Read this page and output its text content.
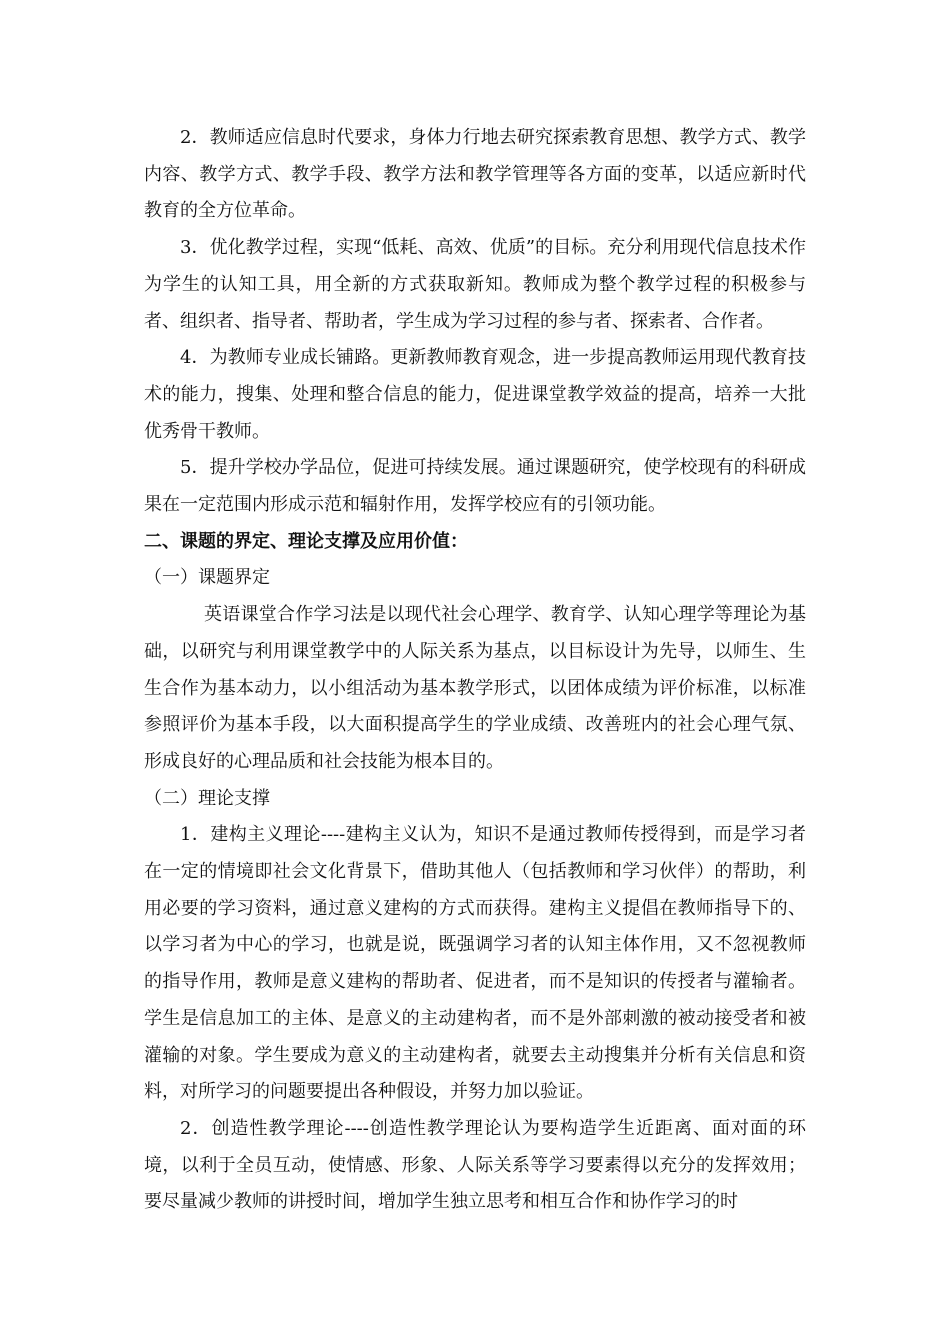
2．教师适应信息时代要求，身体力行地去研究探索教育思想、教学方式、教学内容、教学方式、教学手段、教学方法和教学管理等各方面的变革，以适应新时代教育的全方位革命。

3．优化教学过程，实现“低耗、高效、优质”的目标。充分利用现代信息技术作为学生的认知工具，用全新的方式获取新知。教师成为整个教学过程的积极参与者、组织者、指导者、帮助者，学生成为学习过程的参与者、探索者、合作者。

4．为教师专业成长铺路。更新教师教育观念，进一步提高教师运用现代教育技术的能力，搜集、处理和整合信息的能力，促进课堂教学效益的提高，培养一大批优秀骨干教师。

5．提升学校办学品位，促进可持续发展。通过课题研究，使学校现有的科研成果在一定范围内形成示范和辐射作用，发挥学校应有的引领功能。

二、课题的界定、理论支撑及应用价值：

（一）课题界定

英语课堂合作学习法是以现代社会心理学、教育学、认知心理学等理论为基础，以研究与利用课堂教学中的人际关系为基点，以目标设计为先导，以师生、生生合作为基本动力，以小组活动为基本教学形式，以团体成绩为评价标准，以标准参照评价为基本手段，以大面积提高学生的学业成绩、改善班内的社会心理气氛、形成良好的心理品质和社会技能为根本目的。

（二）理论支撑

1．建构主义理论----建构主义认为，知识不是通过教师传授得到，而是学习者在一定的情境即社会文化背景下，借助其他人（包括教师和学习伙伴）的帮助，利用必要的学习资料，通过意义建构的方式而获得。建构主义提倡在教师指导下的、以学习者为中心的学习，也就是说，既强调学习者的认知主体作用，又不忽视教师的指导作用，教师是意义建构的帮助者、促进者，而不是知识的传授者与灌输者。学生是信息加工的主体、是意义的主动建构者，而不是外部刺激的被动接受者和被灌输的对象。学生要成为意义的主动建构者，就要去主动搜集并分析有关信息和资料，对所学习的问题要提出各种假设，并努力加以验证。

2．创造性教学理论----创造性教学理论认为要构造学生近距离、面对面的环境，以利于全员互动，使情感、形象、人际关系等学习要素得以充分的发挥效用；要尽量减少教师的讲授时间，增加学生独立思考和相互合作和协作学习的时
